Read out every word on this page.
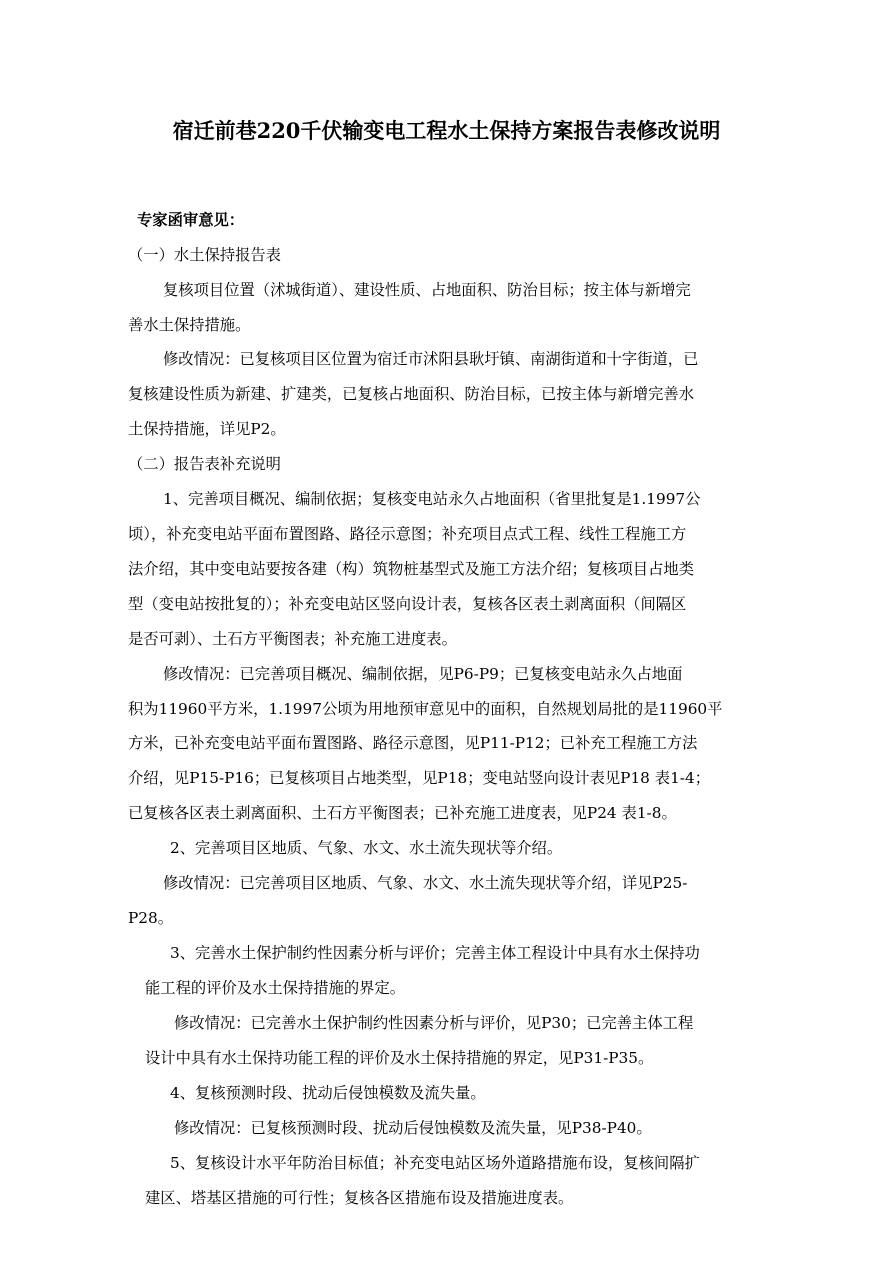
宿迁前巷220千伏输变电工程水土保持方案报告表修改说明
专家函审意见：
（一）水土保持报告表
复核项目位置（沭城街道）、建设性质、占地面积、防治目标；按主体与新增完
善水土保持措施。
修改情况：已复核项目区位置为宿迁市沭阳县耿圩镇、南湖街道和十字街道，已
复核建设性质为新建、扩建类，已复核占地面积、防治目标，已按主体与新增完善水
土保持措施，详见P2。
（二）报告表补充说明
1、完善项目概况、编制依据；复核变电站永久占地面积（省里批复是1.1997公
顷），补充变电站平面布置图路、路径示意图；补充项目点式工程、线性工程施工方
法介绍，其中变电站要按各建（构）筑物桩基型式及施工方法介绍；复核项目占地类
型（变电站按批复的）；补充变电站区竖向设计表，复核各区表土剥离面积（间隔区
是否可剥）、土石方平衡图表；补充施工进度表。
修改情况：已完善项目概况、编制依据，见P6-P9；已复核变电站永久占地面
积为11960平方米，1.1997公顷为用地预审意见中的面积，自然规划局批的是11960平
方米，已补充变电站平面布置图路、路径示意图，见P11-P12；已补充工程施工方法
介绍，见P15-P16；已复核项目占地类型，见P18；变电站竖向设计表见P18 表1-4；
已复核各区表土剥离面积、土石方平衡图表；已补充施工进度表，见P24 表1-8。
2、完善项目区地质、气象、水文、水土流失现状等介绍。
修改情况：已完善项目区地质、气象、水文、水土流失现状等介绍，详见P25-
P28。
3、完善水土保护制约性因素分析与评价；完善主体工程设计中具有水土保持功
能工程的评价及水土保持措施的界定。
修改情况：已完善水土保护制约性因素分析与评价，见P30；已完善主体工程
设计中具有水土保持功能工程的评价及水土保持措施的界定，见P31-P35。
4、复核预测时段、扰动后侵蚀模数及流失量。
修改情况：已复核预测时段、扰动后侵蚀模数及流失量，见P38-P40。
5、复核设计水平年防治目标值；补充变电站区场外道路措施布设，复核间隔扩
建区、塔基区措施的可行性；复核各区措施布设及措施进度表。
